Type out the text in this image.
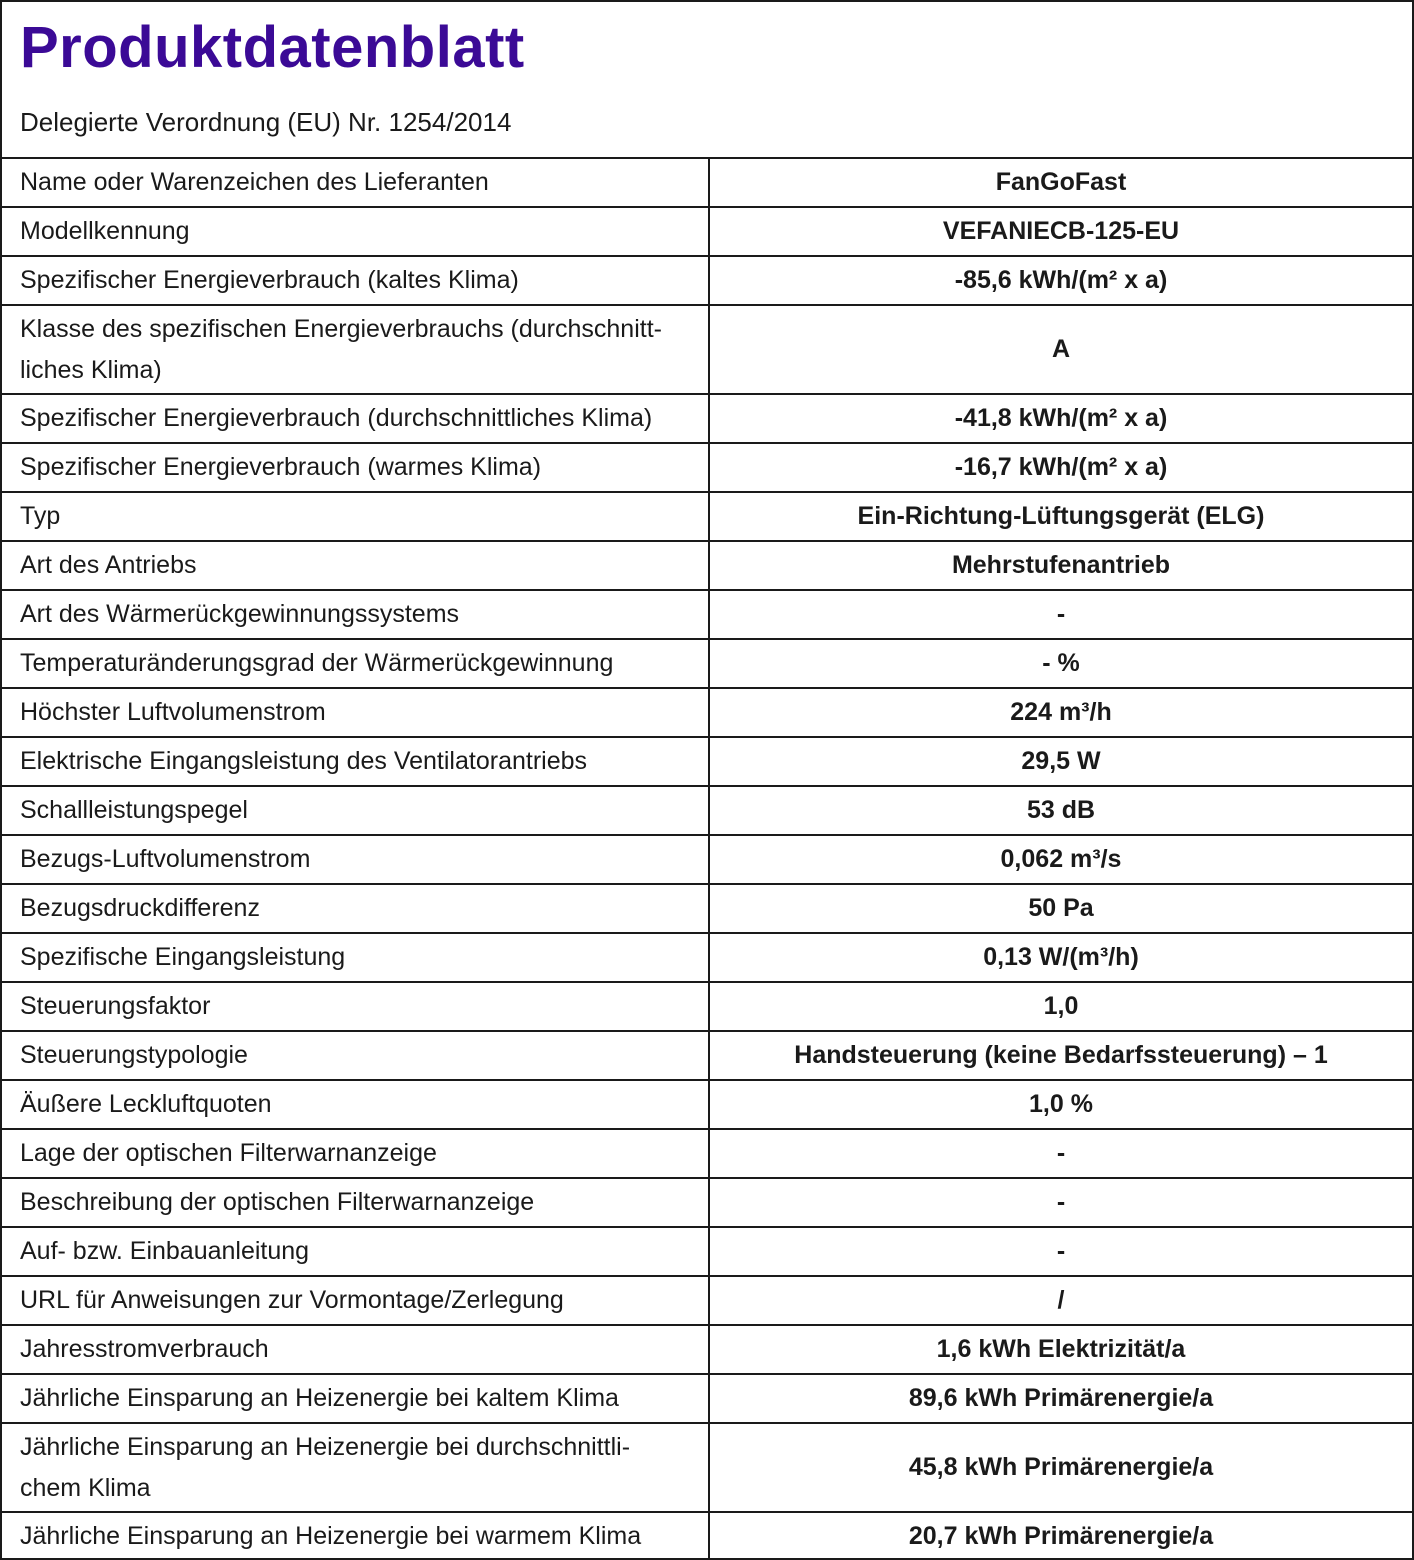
Produktdatenblatt

Delegierte Verordnung (EU) Nr. 1254/2014

Name oder Warenzeichen des Lieferanten	FanGoFast
Modellkennung	VEFANIECB-125-EU
Spezifischer Energieverbrauch (kaltes Klima)	-85,6 kWh/(m² x a)
Klasse des spezifischen Energieverbrauchs (durchschnitt-liches Klima)	A
Spezifischer Energieverbrauch (durchschnittliches Klima)	-41,8 kWh/(m² x a)
Spezifischer Energieverbrauch (warmes Klima)	-16,7 kWh/(m² x a)
Typ	Ein-Richtung-Lüftungsgerät (ELG)
Art des Antriebs	Mehrstufenantrieb
Art des Wärmerückgewinnungssystems	-
Temperaturänderungsgrad der Wärmerückgewinnung	- %
Höchster Luftvolumenstrom	224 m³/h
Elektrische Eingangsleistung des Ventilatorantriebs	29,5 W
Schallleistungspegel	53 dB
Bezugs-Luftvolumenstrom	0,062 m³/s
Bezugsdruckdifferenz	50 Pa
Spezifische Eingangsleistung	0,13 W/(m³/h)
Steuerungsfaktor	1,0
Steuerungstypologie	Handsteuerung (keine Bedarfssteuerung) – 1
Äußere Leckluftquoten	1,0 %
Lage der optischen Filterwarnanzeige	-
Beschreibung der optischen Filterwarnanzeige	-
Auf- bzw. Einbauanleitung	-
URL für Anweisungen zur Vormontage/Zerlegung	/
Jahresstromverbrauch	1,6 kWh Elektrizität/a
Jährliche Einsparung an Heizenergie bei kaltem Klima	89,6 kWh Primärenergie/a
Jährliche Einsparung an Heizenergie bei durchschnittli-chem Klima	45,8 kWh Primärenergie/a
Jährliche Einsparung an Heizenergie bei warmem Klima	20,7 kWh Primärenergie/a
